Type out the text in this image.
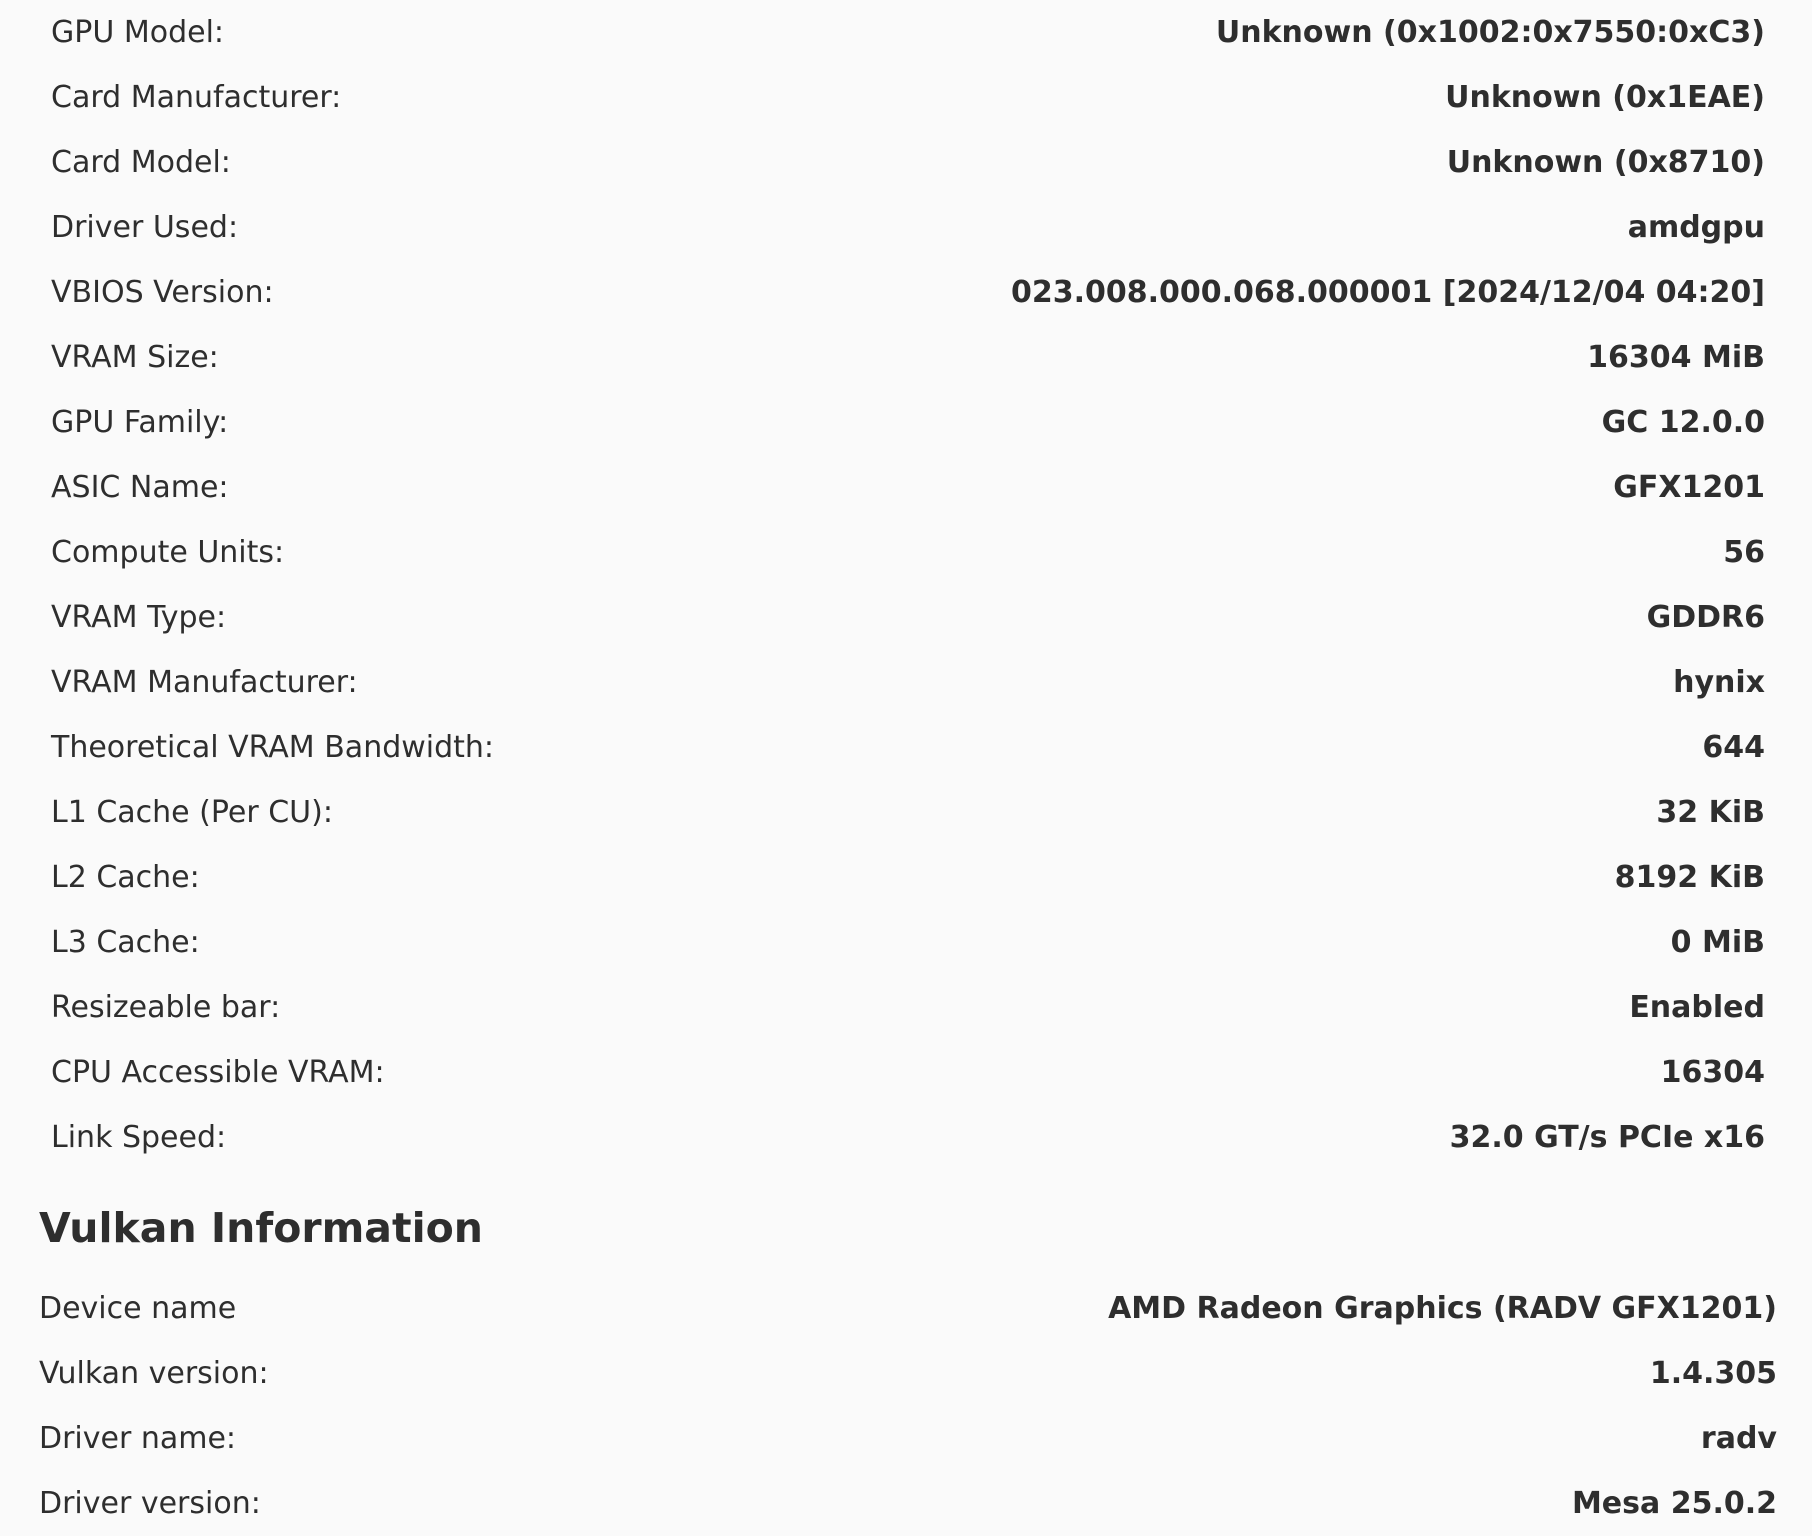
GPU Model:	Unknown (0x1002:0x7550:0xC3)
Card Manufacturer:	Unknown (0x1EAE)
Card Model:	Unknown (0x8710)
Driver Used:	amdgpu
VBIOS Version:	023.008.000.068.000001 [2024/12/04 04:20]
VRAM Size:	16304 MiB
GPU Family:	GC 12.0.0
ASIC Name:	GFX1201
Compute Units:	56
VRAM Type:	GDDR6
VRAM Manufacturer:	hynix
Theoretical VRAM Bandwidth:	644
L1 Cache (Per CU):	32 KiB
L2 Cache:	8192 KiB
L3 Cache:	0 MiB
Resizeable bar:	Enabled
CPU Accessible VRAM:	16304
Link Speed:	32.0 GT/s PCIe x16
Vulkan Information
Device name	AMD Radeon Graphics (RADV GFX1201)
Vulkan version:	1.4.305
Driver name:	radv
Driver version:	Mesa 25.0.2
